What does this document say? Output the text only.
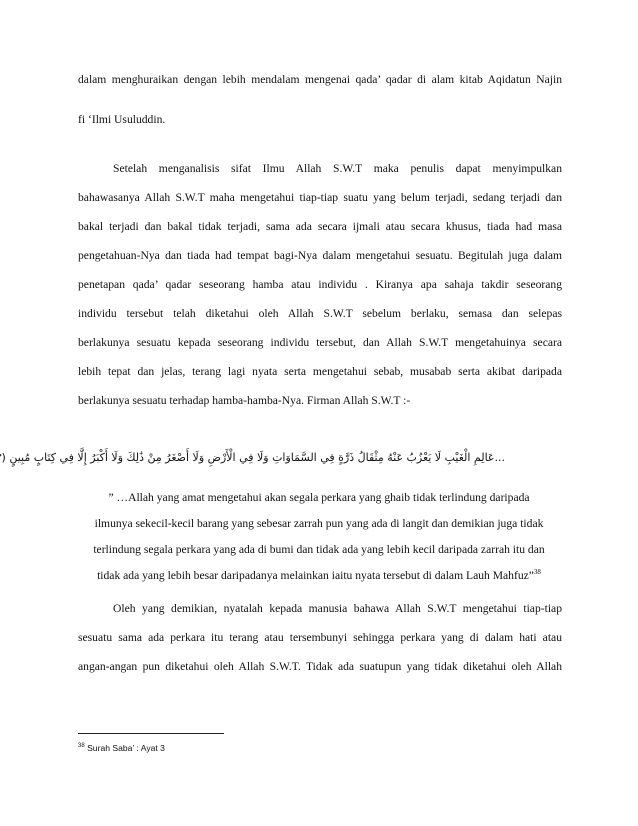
dalam menghuraikan dengan lebih mendalam mengenai qada’ qadar di alam kitab Aqidatun Najin
fi ‘Ilmi Usuluddin.
Setelah menganalisis sifat Ilmu Allah S.W.T maka penulis dapat menyimpulkan
bahawasanya Allah S.W.T maha mengetahui tiap-tiap suatu yang belum terjadi, sedang terjadi dan
bakal terjadi dan bakal tidak terjadi, sama ada secara ijmali atau secara khusus, tiada had masa
pengetahuan-Nya dan tiada had tempat bagi-Nya dalam mengetahui sesuatu. Begitulah juga dalam
penetapan qada’ qadar seseorang hamba atau individu . Kiranya apa sahaja takdir seseorang
individu tersebut telah diketahui oleh Allah S.W.T sebelum berlaku, semasa dan selepas
berlakunya sesuatu kepada seseorang individu tersebut, dan Allah S.W.T mengetahuinya secara
lebih tepat dan jelas, terang lagi nyata serta mengetahui sebab, musabab serta akibat daripada
berlakunya sesuatu terhadap hamba-hamba-Nya. Firman Allah S.W.T :-
...عَالِمِ الْغَيْبِ لَا يَعْزُبُ عَنْهُ مِثْقَالُ ذَرَّةٍ فِي السَّمَاوَاتِ وَلَا فِي الْأَرْضِ وَلَا أَصْغَرُ مِنْ ذَٰلِكَ وَلَا أَكْبَرُ إِلَّا فِي كِتَابٍ مُبِينٍ (
” …Allah yang amat mengetahui akan segala perkara yang ghaib tidak terlindung daripada
ilmunya sekecil-kecil barang yang sebesar zarrah pun yang ada di langit dan demikian juga tidak
terlindung segala perkara yang ada di bumi dan tidak ada yang lebih kecil daripada zarrah itu dan
tidak ada yang lebih besar daripadanya melainkan iaitu nyata tersebut di dalam Lauh Mahfuz”$^{38}$
Oleh yang demikian, nyatalah kepada manusia bahawa Allah S.W.T mengetahui tiap-tiap
sesuatu sama ada perkara itu terang atau tersembunyi sehingga perkara yang di dalam hati atau
angan-angan pun diketahui oleh Allah S.W.T. Tidak ada suatupun yang tidak diketahui oleh Allah
$^{38}$ Surah Saba’ : Ayat 3
